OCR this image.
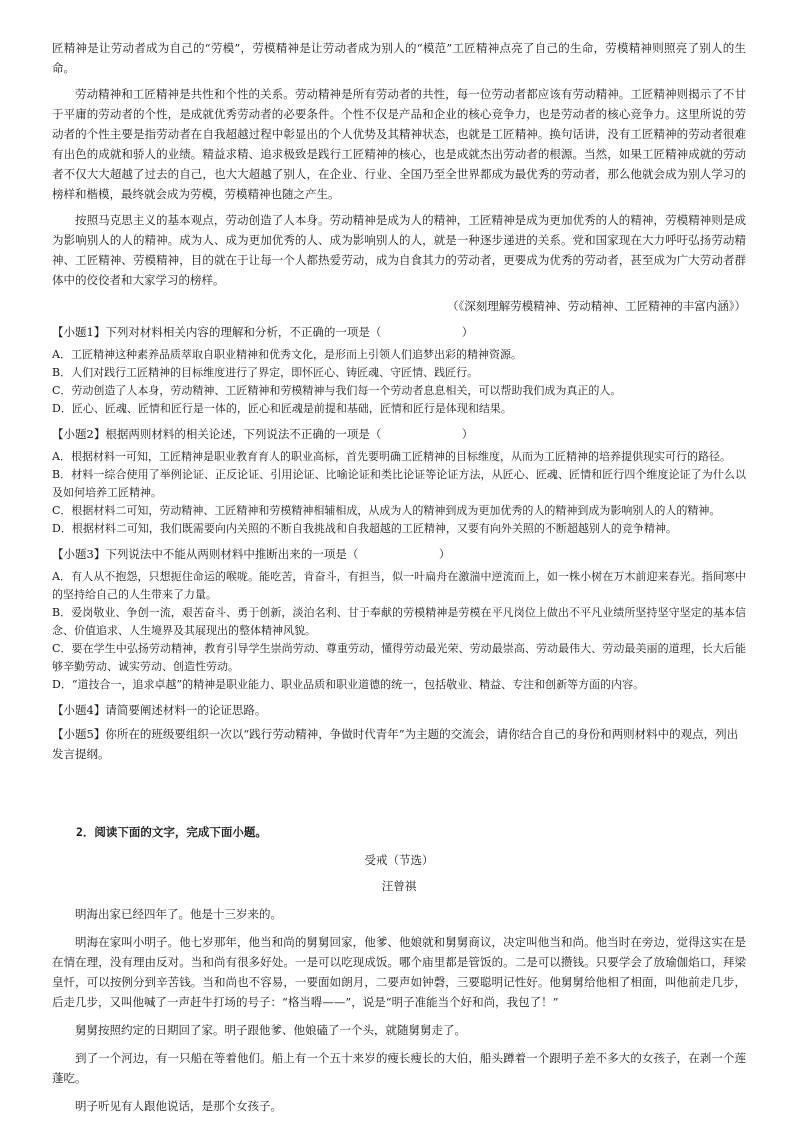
匠精神是让劳动者成为自己的“劳模”，劳模精神是让劳动者成为别人的“模范”工匠精神点亮了自己的生命，劳模精神则照亮了别人的生命。

劳动精神和工匠精神是共性和个性的关系。劳动精神是所有劳动者的共性，每一位劳动者都应该有劳动精神。工匠精神则揭示了不甘于平庸的劳动者的个性，是成就优秀劳动者的必要条件。个性不仅是产品和企业的核心竞争力，也是劳动者的核心竞争力。这里所说的劳动者的个性主要是指劳动者在自我超越过程中彰显出的个人优势及其精神状态，也就是工匠精神。换句话讲，没有工匠精神的劳动者很难有出色的成就和骄人的业绩。精益求精、追求极致是践行工匠精神的核心，也是成就杰出劳动者的根源。当然，如果工匠精神成就的劳动者不仅大大超越了过去的自己，也大大超越了别人，在企业、行业、全国乃至全世界都成为最优秀的劳动者，那么他就会成为别人学习的榜样和楷模，最终就会成为劳模，劳模精神也随之产生。

按照马克思主义的基本观点，劳动创造了人本身。劳动精神是成为人的精神，工匠精神是成为更加优秀的人的精神，劳模精神则是成为影响别人的人的精神。成为人、成为更加优秀的人、成为影响别人的人，就是一种逐步递进的关系。党和国家现在大力呼吁弘扬劳动精神、工匠精神、劳模精神，目的就在于让每一个人都热爱劳动，成为自食其力的劳动者，更要成为优秀的劳动者，甚至成为广大劳动者群体中的佼佼者和大家学习的榜样。

（《深刻理解劳模精神、劳动精神、工匠精神的丰富内涵》）

【小题1】下列对材料相关内容的理解和分析，不正确的一项是（　　　　　　　）

A．工匠精神这种素养品质萃取自职业精神和优秀文化，是形而上引领人们追梦出彩的精神资源。

B．人们对践行工匠精神的目标维度进行了界定，即怀匠心、铸匠魂、守匠情、践匠行。

C．劳动创造了人本身，劳动精神、工匠精神和劳模精神与我们每一个劳动者息息相关，可以帮助我们成为真正的人。

D．匠心、匠魂、匠情和匠行是一体的，匠心和匠魂是前提和基础，匠情和匠行是体现和结果。

【小题2】根据两则材料的相关论述，下列说法不正确的一项是（　　　　　　　）

A．根据材料一可知，工匠精神是职业教育育人的职业高标，首先要明确工匠精神的目标维度，从而为工匠精神的培养提供现实可行的路径。

B．材料一综合使用了举例论证、正反论证、引用论证、比喻论证和类比论证等论证方法，从匠心、匠魂、匠情和匠行四个维度论证了为什么以及如何培养工匠精神。

C．根据材料二可知，劳动精神、工匠精神和劳模精神相辅相成，从成为人的精神到成为更加优秀的人的精神到成为影响别人的人的精神。

D．根据材料二可知，我们既需要向内关照的不断自我挑战和自我超越的工匠精神，又要有向外关照的不断超越别人的竞争精神。

【小题3】下列说法中不能从两则材料中推断出来的一项是（　　　　　　　）

A．有人从不抱怨，只想扼住命运的喉咙。能吃苦，肯奋斗，有担当，似一叶扁舟在激湍中逆流而上，如一株小树在万木前迎来春光。指间寒中的坚持给自己的人生带来了力量。

B．爱岗敬业、争创一流，艰苦奋斗、勇于创新，淡泊名利、甘于奉献的劳模精神是劳模在平凡岗位上做出不平凡业绩所坚持坚守坚定的基本信念、价值追求、人生境界及其展现出的整体精神风貌。

C．要在学生中弘扬劳动精神，教育引导学生崇尚劳动、尊重劳动，懂得劳动最光荣、劳动最崇高、劳动最伟大、劳动最美丽的道理，长大后能够辛勤劳动、诚实劳动、创造性劳动。

D．“道技合一，追求卓越”的精神是职业能力、职业品质和职业道德的统一，包括敬业、精益、专注和创新等方面的内容。

【小题4】请简要阐述材料一的论证思路。

【小题5】你所在的班级要组织一次以“践行劳动精神，争做时代青年”为主题的交流会，请你结合自己的身份和两则材料中的观点，列出发言提纲。

2．阅读下面的文字，完成下面小题。
受戒（节选）
汪曾祺

明海出家已经四年了。他是十三岁来的。

明海在家叫小明子。他七岁那年，他当和尚的舅舅回家，他爹、他娘就和舅舅商议，决定叫他当和尚。他当时在旁边，觉得这实在是在情在理，没有理由反对。当和尚有很多好处。一是可以吃现成饭。哪个庙里都是管饭的。二是可以攒钱。只要学会了放瑜伽焰口，拜梁皇忏，可以按例分到辛苦钱。当和尚也不容易，一要面如朗月，二要声如钟磬，三要聪明记性好。他舅舅给他相了相面，叫他前走几步，后走几步，又叫他喊了一声赶牛打场的号子：“格当嘚——”，说是“明子准能当个好和尚，我包了！”

舅舅按照约定的日期回了家。明子跟他爹、他娘磕了一个头，就随舅舅走了。

到了一个河边，有一只船在等着他们。船上有一个五十来岁的瘦长瘦长的大伯，船头蹲着一个跟明子差不多大的女孩子，在剥一个莲蓬吃。

明子听见有人跟他说话，是那个女孩子。
